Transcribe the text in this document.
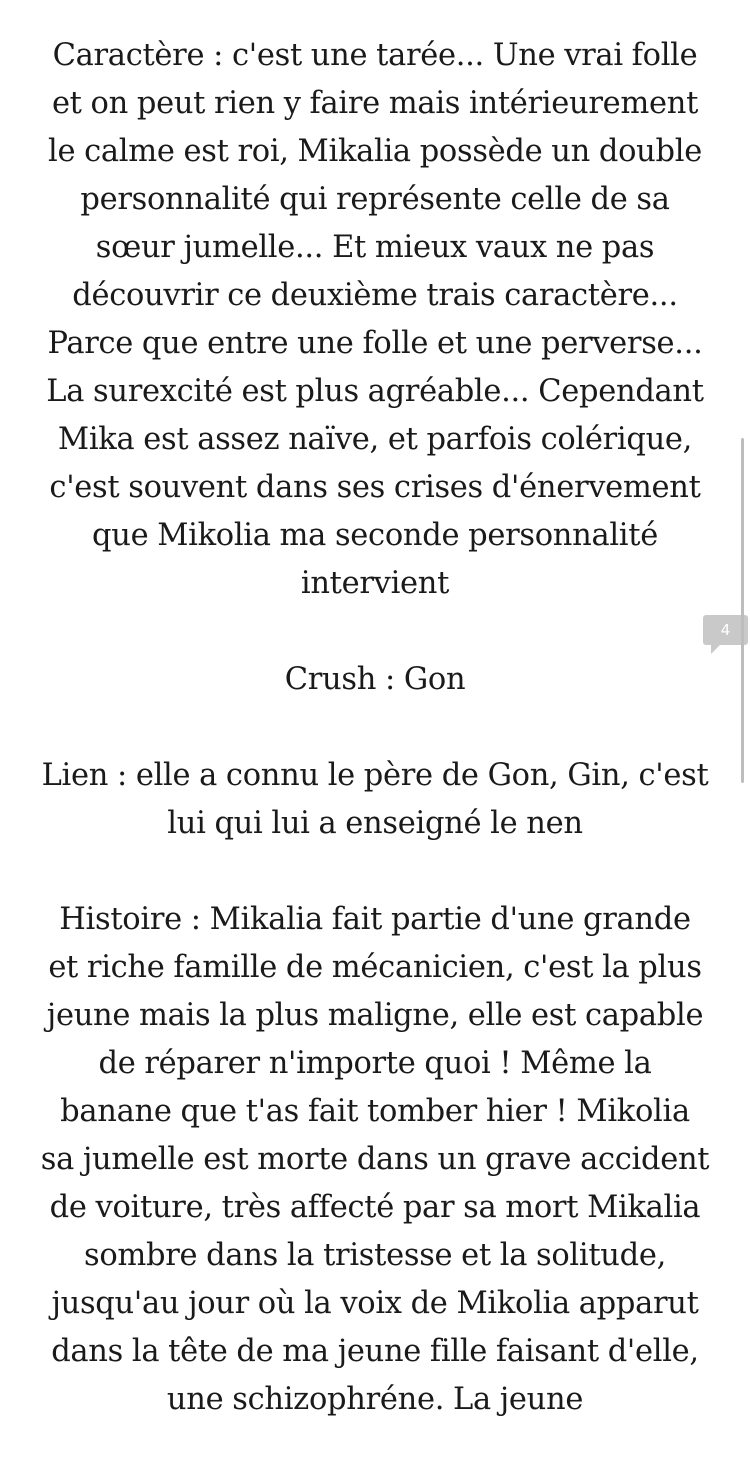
Caractère : c'est une tarée... Une vrai folle et on peut rien y faire mais intérieurement le calme est roi, Mikalia possède un double personnalité qui représente celle de sa sœur jumelle... Et mieux vaux ne pas découvrir ce deuxième trais caractère... Parce que entre une folle et une perverse... La surexcité est plus agréable... Cependant Mika est assez naïve, et parfois colérique, c'est souvent dans ses crises d'énervement que Mikolia ma seconde personnalité intervient

Crush : Gon

Lien : elle a connu le père de Gon, Gin, c'est lui qui lui a enseigné le nen

Histoire : Mikalia fait partie d'une grande et riche famille de mécanicien, c'est la plus jeune mais la plus maligne, elle est capable de réparer n'importe quoi ! Même la banane que t'as fait tomber hier ! Mikolia sa jumelle est morte dans un grave accident de voiture, très affecté par sa mort Mikalia sombre dans la tristesse et la solitude, jusqu'au jour où la voix de Mikolia apparut dans la tête de ma jeune fille faisant d'elle, une schizophréne. La jeune

4
